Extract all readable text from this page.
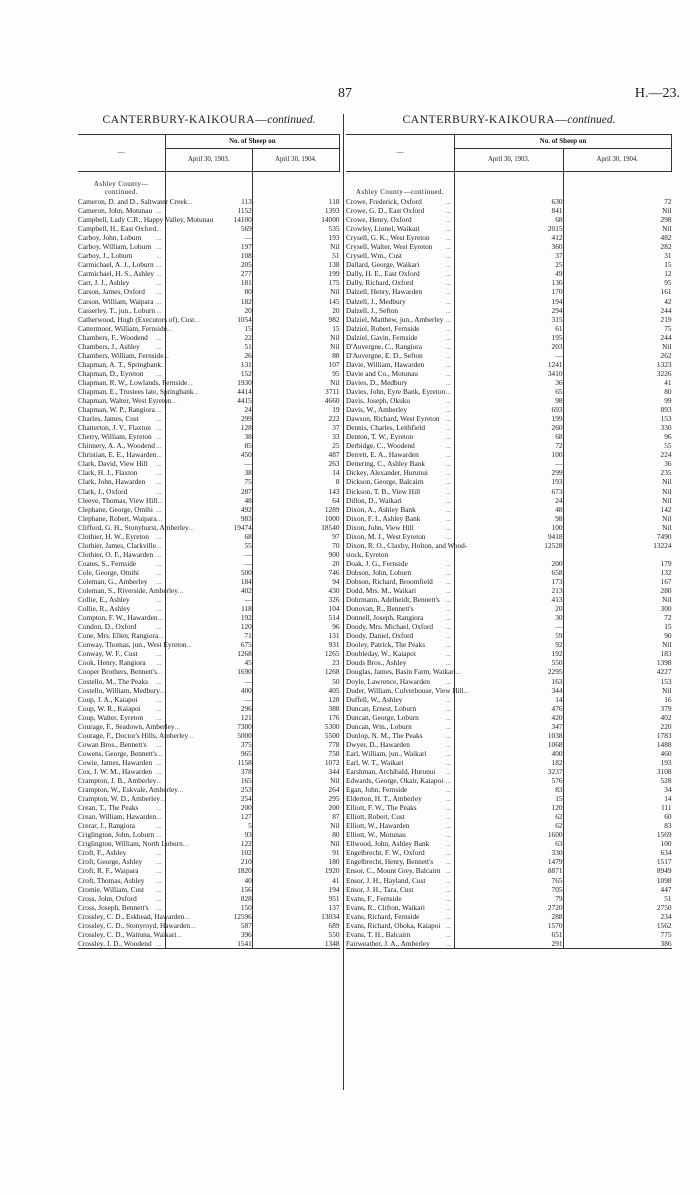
87	H.—23.
CANTERBURY-KAIKOURA—continued.
—	No. of Sheep on	
	April 30, 1903.	April 30, 1904.
Ashley County—continued.		

Cameron, D. and D., Saltwater Creek ...	113	118

Cameron, John, Motunau ...	1152	1393

Campbell, Lady C.R., Happy Valley, Motunau	14100	14000

Campbell, H., East Oxford ...	569	535

Carboy, John, Loburn ...	—	193

Carboy, William, Loburn ...	197	Nil

Carboy, J., Loburn ...	108	51

Carmichael, A. J., Loburn ...	205	138

Carmichael, H. S., Ashley ...	277	199

Carr, J. J., Ashley ...	181	175

Carson, James, Oxford ...	80	Nil

Carson, William, Waipara ...	182	145

Casserley, T., jun., Loburn ...	20	20

Catherwood, Hugh (Executors of), Cust ...	1054	982

Cattermoor, William, Fernside ...	15	15

Chambers, F., Woodend ...	22	Nil

Chambers, J., Ashley ...	51	Nil

Chambers, William, Fernside ...	26	88

Chapman, A. T., Springbank ...	131	107

Chapman, D., Eyreton ...	152	95

Chapman, R. W., Lowlands, Fernside ...	1930	Nil

Chapman, E., Trustees late, Springbank ...	4414	3711

Chapman, Walter, West Eyreton ...	4415	4660

Chapman, W. P., Rangiora ...	24	19

Charles, James, Cust ...	299	222

Chatterton, J. V., Flaxton ...	128	37

Cherry, William, Eyreton ...	38	33

Chinnery, A. A., Woodend ...	85	25

Christian, E. E., Hawarden ...	450	487

Clark, David, View Hill ...	—	263

Clark, H. J., Flaxton ...	38	14

Clark, John, Hawarden ...	75	8

Clark, J., Oxford ...	287	143

Cleeve, Thomas, View Hill ...	48	64

Clephane, George, Omihi ...	492	1289

Clephane, Robert, Waipara ...	983	1000

Clifford, G. H., Stonyhurst, Amberley ...	19474	18540

Clothier, H. W., Eyreton ...	68	97

Clothier, James, Clarkville ...	55	70

Clothier, O. F., Hawarden ...	—	900

Coates, S., Fernside ...	—	20

Cole, George, Omihi ...	500	746

Coleman, G., Amberley ...	184	94

Coleman, S., Riverside, Amberley ...	402	430

Collie, E., Ashley ...	—	326

Collie, R., Ashley ...	118	104

Compton, F. W., Hawarden ...	192	514

Condon, D., Oxford ...	120	96

Cone, Mrs. Ellen, Rangiora ...	71	131

Conway, Thomas, jun., West Eyreton ...	675	931

Conway, W. F., Cust ...	1268	1265

Cook, Henry, Rangiora ...	45	23

Cooper Brothers, Bennett's ...	1690	1268

Costello, M., The Peaks ...	—	50

Costello, William, Medbury ...	400	405

Coup, J. A., Kaiapoi ...	—	128

Coup, W. R., Kaiapoi ...	296	388

Coup, Walter, Eyreton ...	121	176

Courage, F., Seadown, Amberley ...	7300	5300

Courage, F., Doctor's Hills, Amberley ...	5000	5500

Cowan Bros., Bennett's ...	375	778

Cowens, George, Bennett's ...	965	758

Cowie, James, Hawarden ...	1158	1072

Cox, J. W. M., Hawarden ...	378	344

Crampton, J. B., Amberley ...	165	Nil

Crampton, W., Eskvale, Amberley ...	253	264

Crampton, W. D., Amberley ...	254	295

Crean, T., The Peaks ...	200	200

Crean, William, Hawarden ...	127	87

Crerar, J., Rangiora ...	5	Nil

Criglington, John, Loburn ...	93	80

Criglington, William, North Loburn ...	122	Nil

Croft, F., Ashley ...	102	91

Croft, George, Ashley ...	210	180

Croft, R. F., Waipara ...	1820	1920

Croft, Thomas, Ashley ...	40	41

Cromie, William, Cust ...	156	194

Cross, John, Oxford ...	828	951

Cross, Joseph, Bennett's ...	150	137

Crossley, C. D., Eskhead, Hawarden ...	12596	13034

Crossley, C. D., Stonyroyd, Hawarden ...	587	689

Crossley, C. D., Waituna, Waikari ...	396	550

Crossley, J. D., Woodend ...	1541	1348
CANTERBURY-KAIKOURA—continued.
—	No. of Sheep on	
	April 30, 1903.	April 30, 1904.
Ashley County—continued.		

Crowe, Frederick, Oxford ...	630	72

Crowe, G. D., East Oxford ...	841	Nil

Crowe, Henry, Oxford ...	68	298

Crowley, Lionel, Waikari ...	2015	Nil

Crysell, G. K., West Eyreton ...	412	482

Crysell, Walter, West Eyreton ...	360	282

Crysell, Wm., Cust ...	37	31

Dallard, George, Waikari ...	25	15

Dally, H. E., East Oxford ...	49	12

Dally, Richard, Oxford ...	136	95

Dalzell, Henry, Hawarden ...	170	161

Dalzell, J., Medbury ...	194	42

Dalzell, J., Sefton ...	294	244

Dalziel, Matthew, jun., Amberley ...	315	219

Dalziel, Robert, Fernside ...	61	75

Dalziel, Gavin, Fernside ...	195	244

D'Auvergne, C., Rangiora ...	203	Nil

D'Auvergne, E. D., Sefton ...	—	262

Davie, William, Hawarden ...	1241	1323

Davie and Co., Motunau ...	3410	3226

Davies, D., Medbury ...	36	41

Davies, John, Eyre Bank, Eyreton ...	65	80

Davis, Joseph, Okuku ...	98	99

Davis, W., Amberley ...	693	893

Dawson, Richard, West Eyreton ...	199	153

Dennis, Charles, Leithfield ...	260	330

Denton, T. W., Eyreton ...	68	96

Derbidge, C., Woodend ...	72	55

Derrett, E. A., Hawarden ...	100	224

Dettering, C., Ashley Bank ...	—	36

Dickey, Alexander, Hurunui ...	299	235

Dickson, George, Balcairn ...	193	Nil

Dickson, T. B., View Hill ...	673	Nil

Dillon, D., Waikari ...	24	Nil

Dixon, A., Ashley Bank ...	48	142

Dixon, F. I., Ashley Bank ...	98	Nil

Dixon, John, View Hill ...	100	Nil

Dixon, M. J., West Eyreton ...	9418	7490

Dixon, R. O., Claxby, Holton, and Wood-	12528	13224

stock, Eyreton		

Doak, J. G., Fernside ...	200	179

Dobson, John, Loburn ...	658	132

Dobson, Richard, Broomfield ...	173	167

Dodd, Mrs. M., Waikari ...	213	280

Dohrmann, Adelheidt, Bennett's ...	413	Nil

Donovan, R., Bennett's ...	20	300

Donnell, Joseph, Rangiora ...	30	72

Doody, Mrs. Michael, Oxford ...	—	15

Doody, Daniel, Oxford ...	59	90

Dooley, Patrick, The Peaks ...	92	Nil

Doubleday, W., Kaiapoi ...	192	183

Douds Bros., Ashley ...	550	1398

Douglas, James, Basin Farm, Waikari ...	2295	4227

Doyle, Lawrence, Hawarden ...	163	153

Duder, William, Culverhouse, View Hill ...	344	Nil

Duffell, W., Ashley ...	14	16

Duncan, Ernest, Loburn ...	476	379

Duncan, George, Loburn ...	420	402

Duncan, Wm., Loburn ...	347	220

Dunlop, N. M., The Peaks ...	1038	1783

Dwyer, D., Hawarden ...	1068	1488

Earl, William, jun., Waikari ...	400	460

Earl, W. T., Waikari ...	182	193

Earshman, Archibald, Hurunui ...	3237	3108

Edwards, George, Okair, Kaiapoi ...	576	528

Egan, John, Fernside ...	83	34

Elderton, H. T., Amberley ...	15	14

Elliott, F. W., The Peaks ...	120	111

Elliott, Robert, Cust ...	62	60

Elliott, W., Hawarden ...	62	83

Elliott, W., Motunau ...	1600	1569

Ellwood, John, Ashley Bank ...	63	100

Engelbrecht, F. W., Oxford ...	330	634

Engelbrecht, Henry, Bennett's ...	1479	1517

Ensor, C., Mount Grey, Balcairn ...	8871	8949

Ensor, J. H., Hayland, Cust ...	765	1098

Ensor, J. H., Tara, Cust ...	705	447

Evans, F., Fernside ...	79	51

Evans, R., Clifton, Waikari ...	2720	2750

Evans, Richard, Fernside ...	288	234

Evans, Richard, Ohoka, Kaiapoi ...	1570	1562

Evans, T. H., Balcairn ...	651	775

Fairweather, J. A., Amberley ...	291	386
